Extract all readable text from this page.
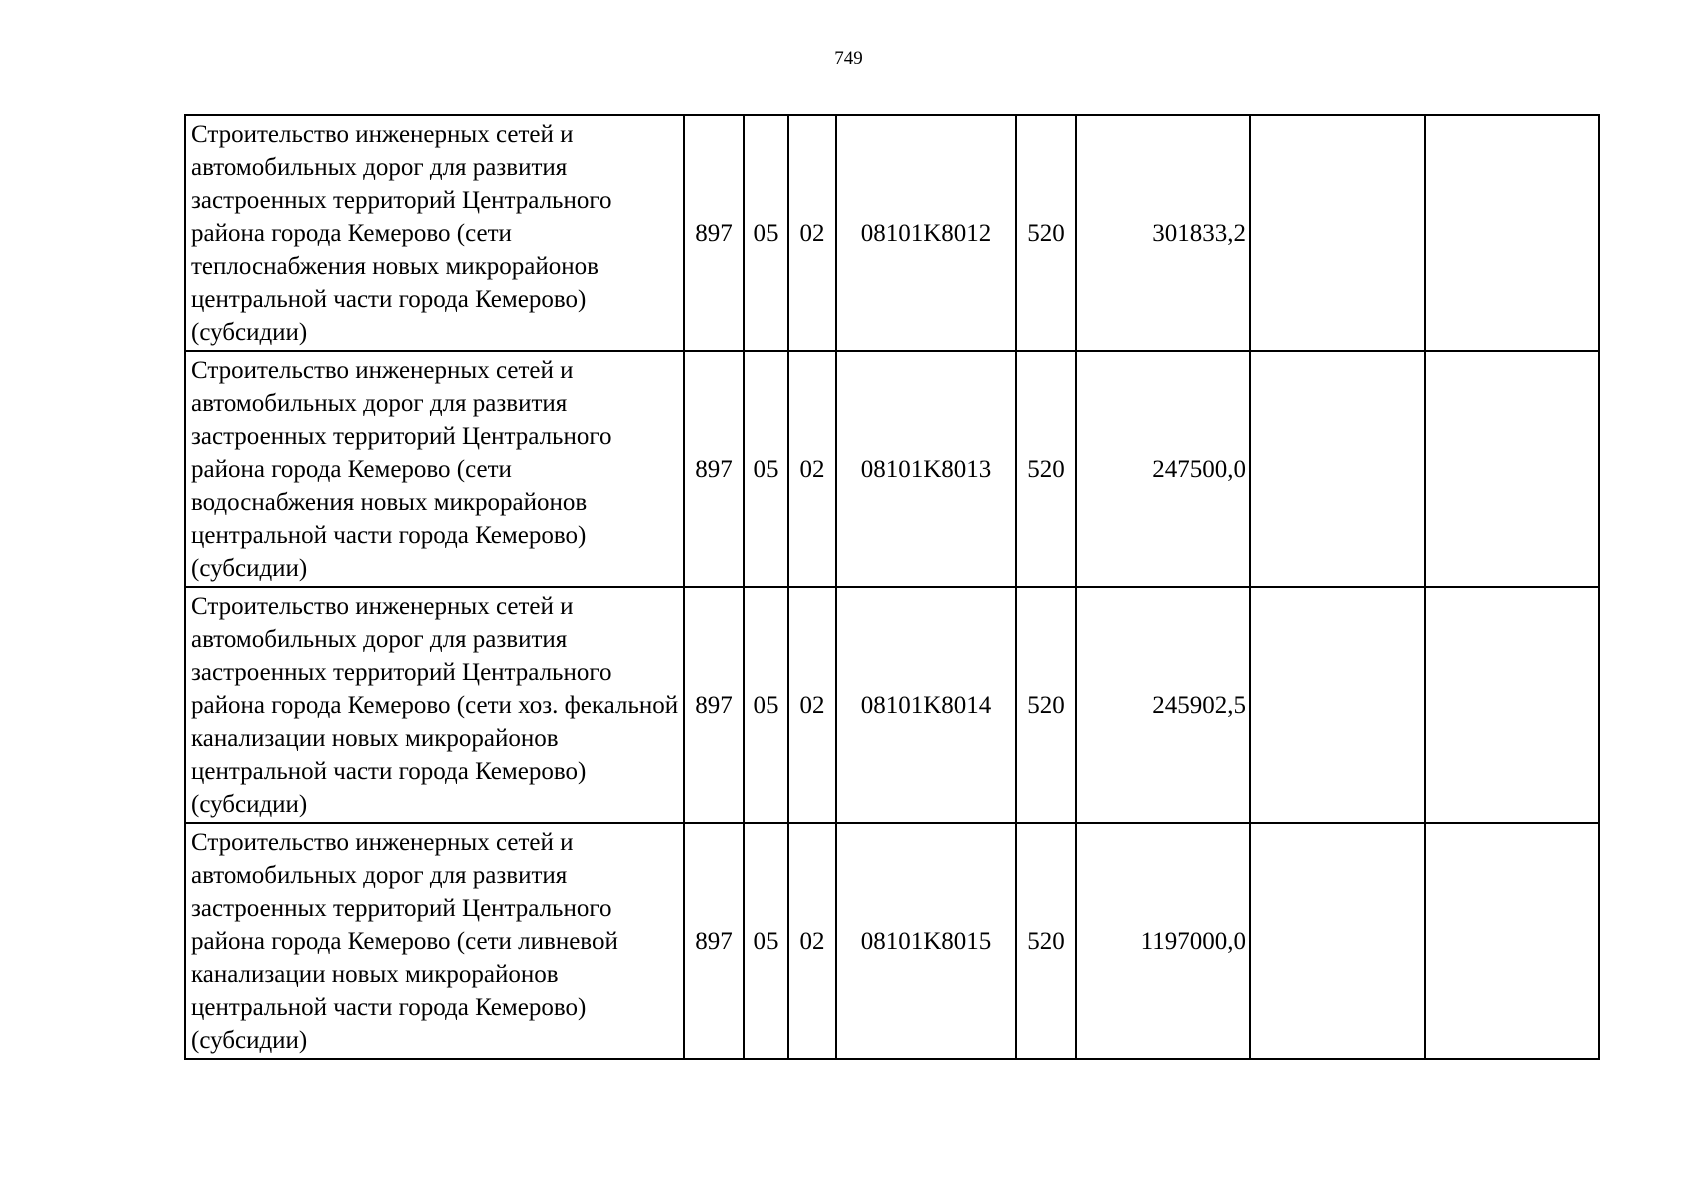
749
Строительство инженерных сетей и автомобильных дорог для развития застроенных территорий Центрального района города Кемерово (сети теплоснабжения новых микрорайонов центральной части города Кемерово) (субсидии)	897	05	02	08101K8012	520	301833,2		
Строительство инженерных сетей и автомобильных дорог для развития застроенных территорий Центрального района города Кемерово (сети водоснабжения новых микрорайонов центральной части города Кемерово) (субсидии)	897	05	02	08101K8013	520	247500,0		
Строительство инженерных сетей и автомобильных дорог для развития застроенных территорий Центрального района города Кемерово (сети хоз. фекальной канализации новых микрорайонов центральной части города Кемерово) (субсидии)	897	05	02	08101K8014	520	245902,5		
Строительство инженерных сетей и автомобильных дорог для развития застроенных территорий Центрального района города Кемерово (сети ливневой канализации новых микрорайонов центральной части города Кемерово) (субсидии)	897	05	02	08101K8015	520	1197000,0		
